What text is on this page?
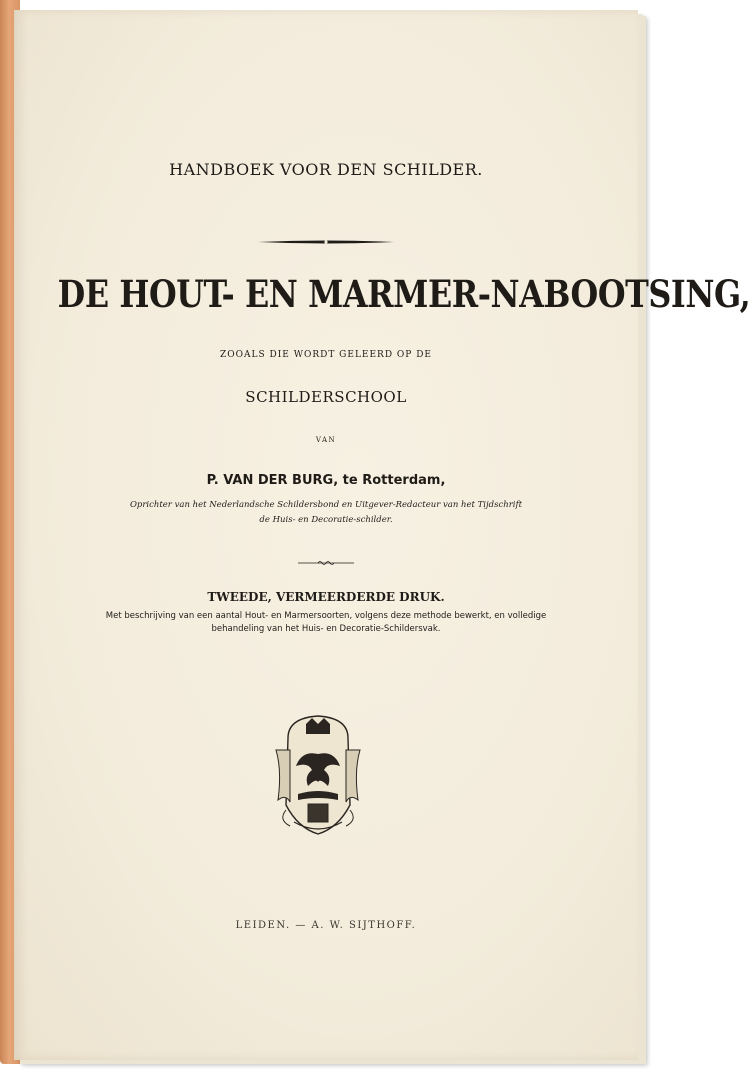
HANDBOEK VOOR DEN SCHILDER.
DE HOUT- EN MARMER-NABOOTSING,
ZOOALS DIE WORDT GELEERD OP DE
SCHILDERSCHOOL
VAN
P. VAN DER BURG, te Rotterdam,
Oprichter van het Nederlandsche Schildersbond en Uitgever-Redacteur van het Tijdschrift
de Huis- en Decoratie-schilder.
TWEEDE, VERMEERDERDE DRUK.
Met beschrijving van een aantal Hout- en Marmersoorten, volgens deze methode bewerkt, en volledige
behandeling van het Huis- en Decoratie-Schildersvak.
LEIDEN. — A. W. SIJTHOFF.
